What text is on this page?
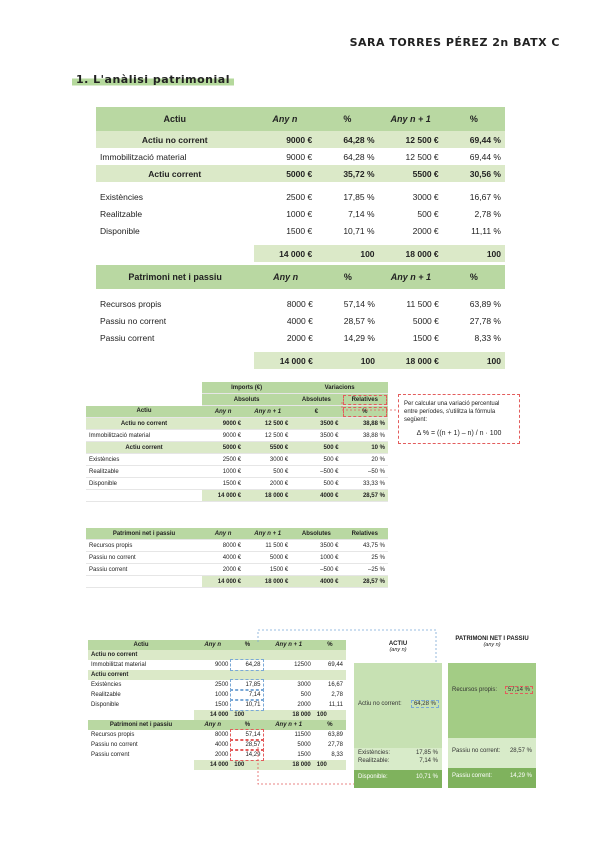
SARA TORRES PÉREZ 2n BATX C
1. L'anàlisi patrimonial
Actiu	Any n	%	Any n + 1	%
Actiu no corrent	9000 €	64,28 %	12 500 €	69,44 %
Immobilització material	9000 €	64,28 %	12 500 €	69,44 %
Actiu corrent	5000 €	35,72 %	5500 €	30,56 %

Existències	2500 €	17,85 %	3000 €	16,67 %
Realitzable	1000 €	7,14 %	500 €	2,78 %
Disponible	1500 €	10,71 %	2000 €	11,11 %

	14 000 €	100	18 000 €	100
Patrimoni net i passiu	Any n	%	Any n + 1	%

Recursos propis	8000 €	57,14 %	11 500 €	63,89 %
Passiu no corrent	4000 €	28,57 %	5000 €	27,78 %
Passiu corrent	2000 €	14,29 %	1500 €	8,33 %

	14 000 €	100	18 000 €	100
	Imports (€)		Variacions	
	Absoluts		Absolutes	Relatives
Actiu	Any n	Any n + 1	€	%
Actiu no corrent	9000 €	12 500 €	3500 €	38,88 %
Immobilització material	9000 €	12 500 €	3500 €	38,88 %
Actiu corrent	5000 €	5500 €	500 €	10 %
Existències	2500 €	3000 €	500 €	20 %
Realitzable	1000 €	500 €	–500 €	–50 %
Disponible	1500 €	2000 €	500 €	33,33 %
	14 000 €	18 000 €	4000 €	28,57 %
Per calcular una variació percentual entre períodes, s'utilitza la fórmula següent:
Δ % = ((n + 1) – n) / n · 100
Patrimoni net i passiu	Any n	Any n + 1	Absolutes	Relatives
Recursos propis	8000 €	11 500 €	3500 €	43,75 %
Passiu no corrent	4000 €	5000 €	1000 €	25 %
Passiu corrent	2000 €	1500 €	–500 €	–25 %
	14 000 €	18 000 €	4000 €	28,57 %
Actiu	Any n	%	Any n + 1	%
Actiu no corrent				
Immobilitzat material	9000	64,28	12500	69,44
Actiu corrent				
Existències	2500	17,85	3000	16,67
Realitzable	1000	7,14	500	2,78
Disponible	1500	10,71	2000	11,11
	14 000	100	18 000	100
Patrimoni net i passiu	Any n	%	Any n + 1	%
Recursos propis	8000	57,14	11500	63,89
Passiu no corrent	4000	28,57	5000	27,78
Passiu corrent	2000	14,29	1500	8,33
	14 000	100	18 000	100
ACTIU
(any n)
PATRIMONI NET I PASSIU
(any n)
Actiu no corrent:	64,28 %
Existències:	17,85 %
Realitzable:	7,14 %
Disponible:	10,71 %
Recursos propis:	57,14 %
Passiu no corrent: 28,57 %
Passiu corrent:	14,29 %
